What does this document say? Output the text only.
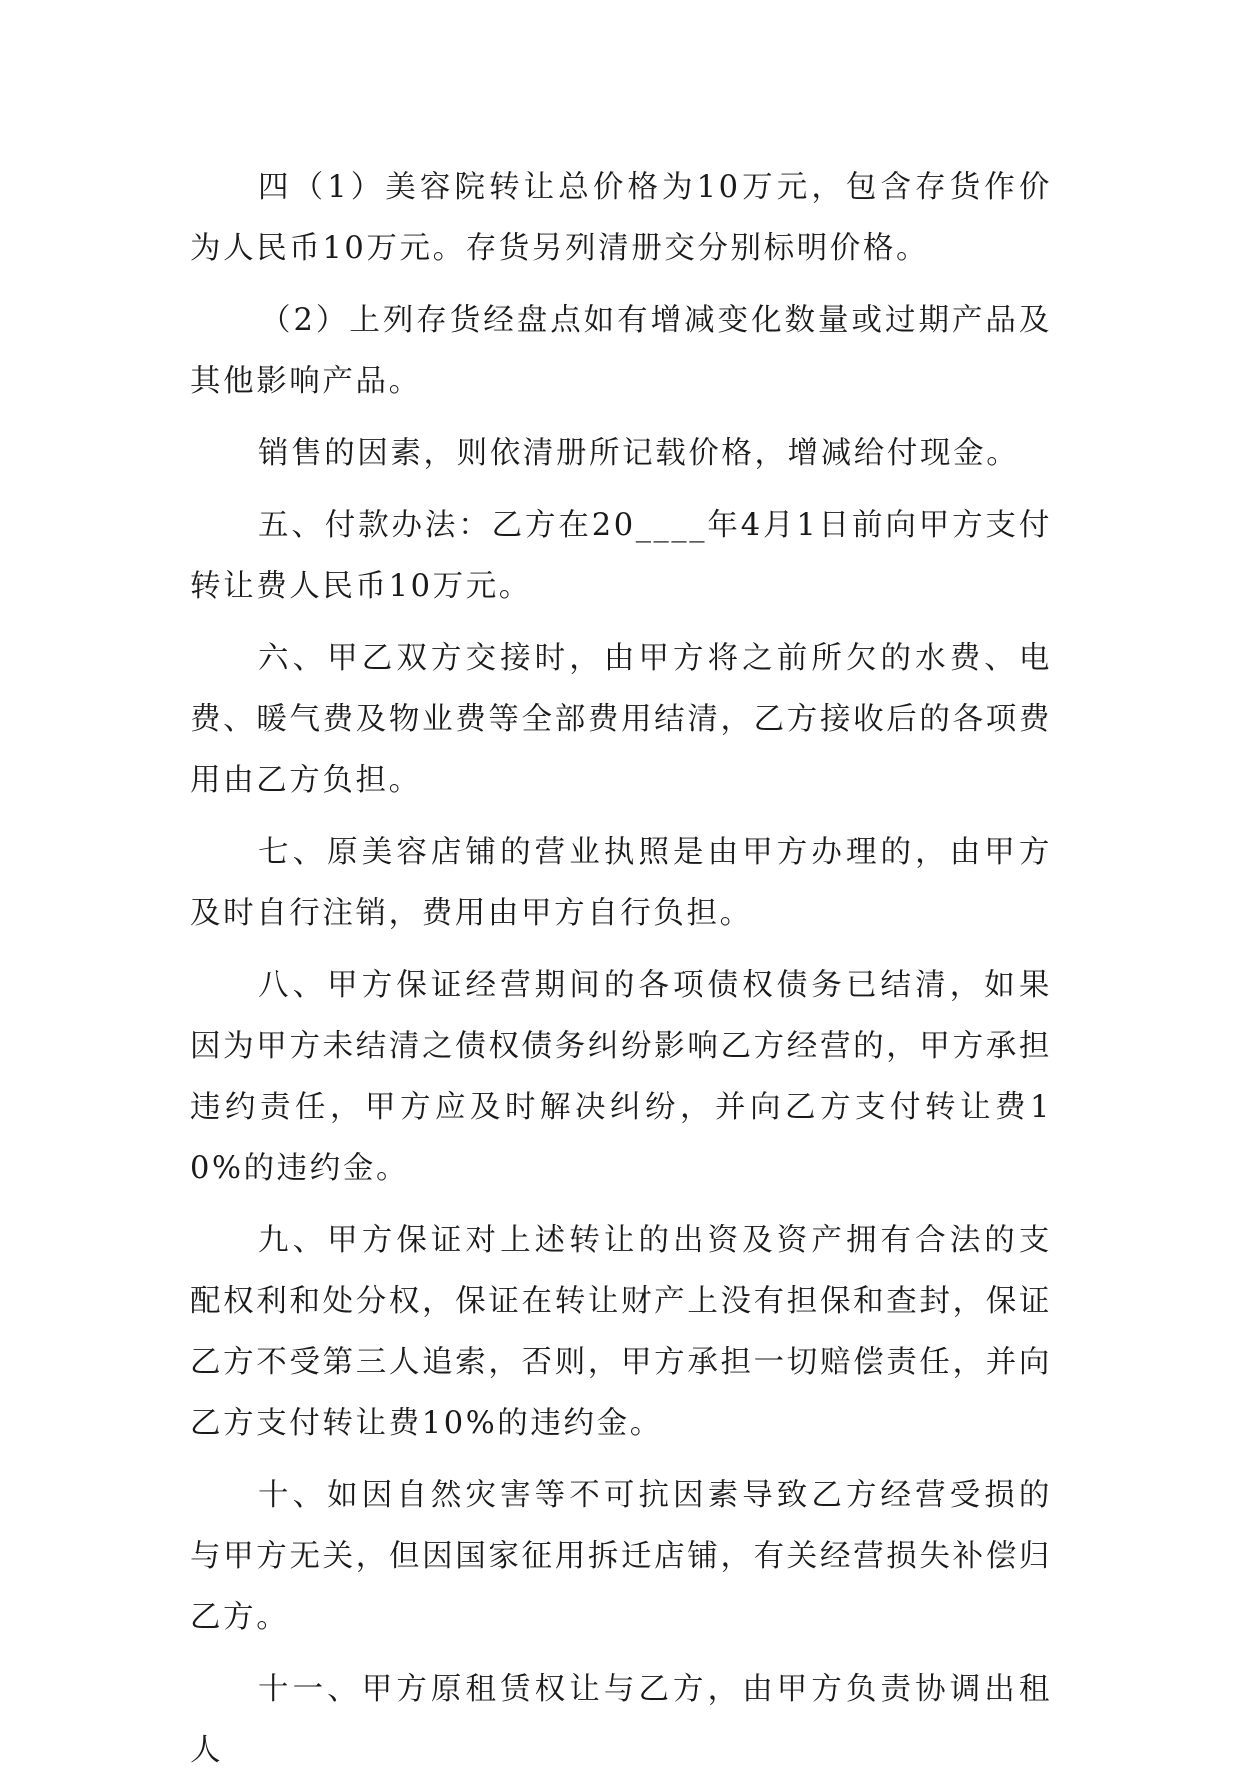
四（1）美容院转让总价格为10万元，包含存货作价为人民币10万元。存货另列清册交分别标明价格。

（2）上列存货经盘点如有增减变化数量或过期产品及其他影响产品。

销售的因素，则依清册所记载价格，增减给付现金。

五、付款办法：乙方在20____年4月1日前向甲方支付转让费人民币10万元。

六、甲乙双方交接时，由甲方将之前所欠的水费、电费、暖气费及物业费等全部费用结清，乙方接收后的各项费用由乙方负担。

七、原美容店铺的营业执照是由甲方办理的，由甲方及时自行注销，费用由甲方自行负担。

八、甲方保证经营期间的各项债权债务已结清，如果因为甲方未结清之债权债务纠纷影响乙方经营的，甲方承担违约责任，甲方应及时解决纠纷，并向乙方支付转让费10%的违约金。

九、甲方保证对上述转让的出资及资产拥有合法的支配权利和处分权，保证在转让财产上没有担保和查封，保证乙方不受第三人追索，否则，甲方承担一切赔偿责任，并向乙方支付转让费10%的违约金。

十、如因自然灾害等不可抗因素导致乙方经营受损的与甲方无关，但因国家征用拆迁店铺，有关经营损失补偿归乙方。

十一、甲方原租赁权让与乙方，由甲方负责协调出租人
